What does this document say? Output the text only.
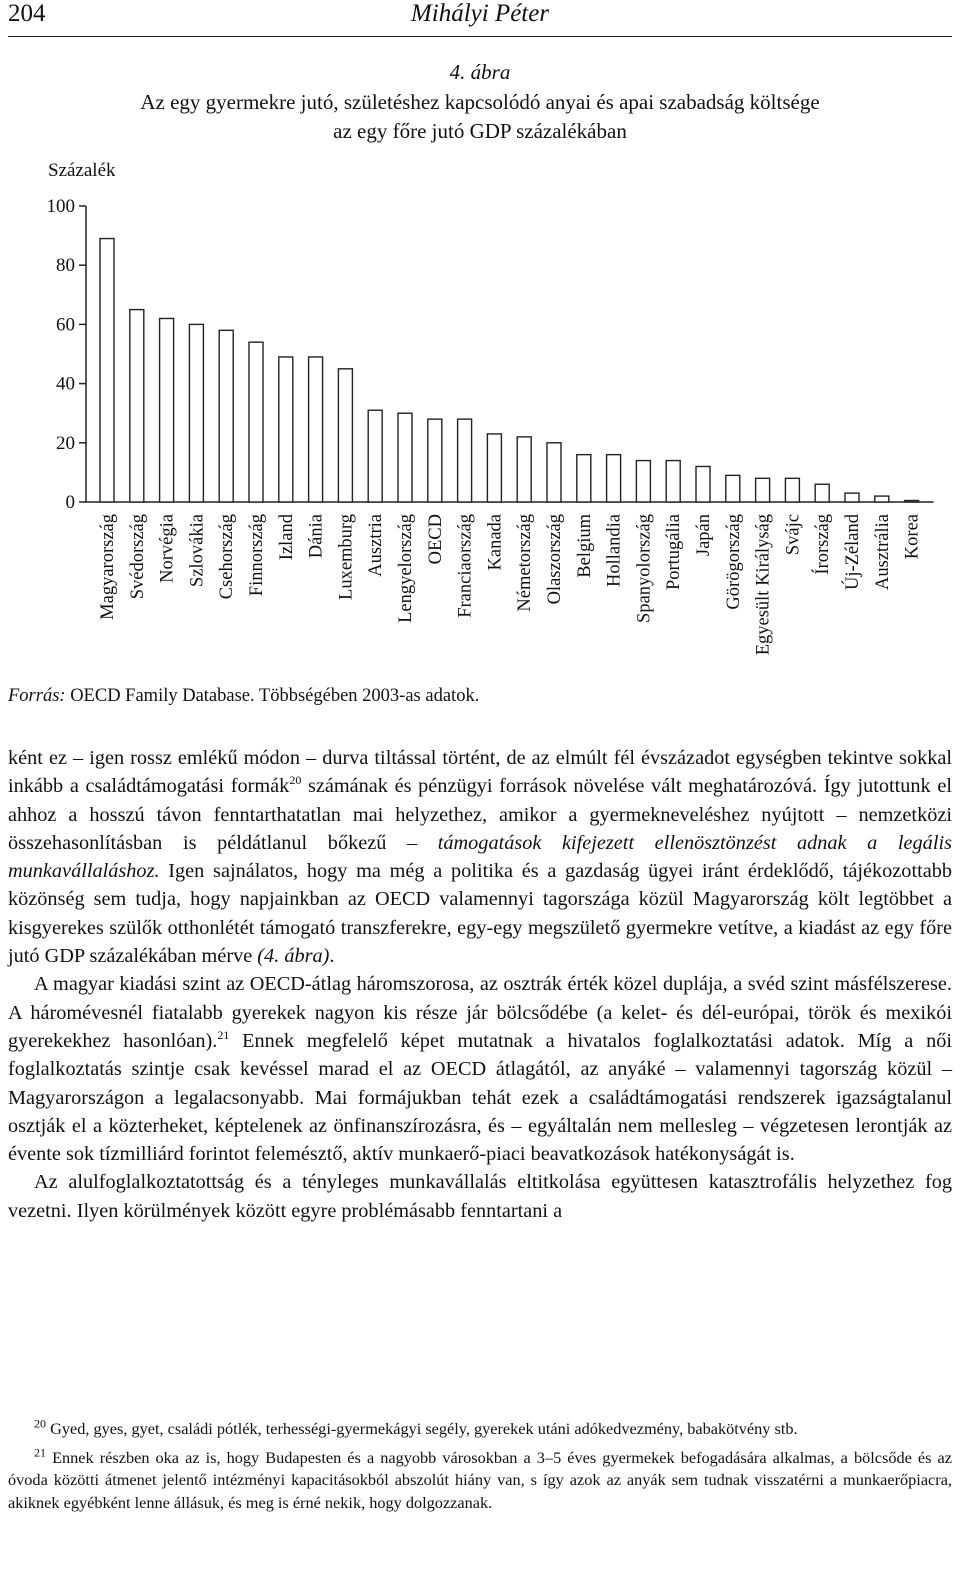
204	Mihályi Péter
4. ábra
Az egy gyermekre jutó, születéshez kapcsolódó anyai és apai szabadság költsége
az egy főre jutó GDP százalékában
Százalék
0
20
40
60
80
100
Magyarország Svédország Norvégia Szlovákia Csehország Finnország Izland Dánia Luxemburg Ausztria Lengyelország OECD Franciaország Kanada Németország Olaszország Belgium Hollandia Spanyolország Portugália Japán Görögország Egyesült Királyság Svájc Írország Új-Zéland Ausztrália Korea
Forrás: OECD Family Database. Többségében 2003-as adatok.

ként ez – igen rossz emlékű módon – durva tiltással történt, de az elmúlt fél évszázadot egységben tekintve sokkal inkább a családtámogatási formák$^{20}$ számának és pénzügyi források növelése vált meghatározóvá. Így jutottunk el ahhoz a hosszú távon fenntarthatatlan mai helyzethez, amikor a gyermekneveléshez nyújtott – nemzetközi összehasonlításban is példátlanul bőkezű – támogatások kifejezett ellenösztönzést adnak a legális munkavállaláshoz. Igen sajnálatos, hogy ma még a politika és a gazdaság ügyei iránt érdeklődő, tájékozottabb közönség sem tudja, hogy napjainkban az OECD valamennyi tagországa közül Magyarország költ legtöbbet a kisgyerekes szülők otthonlétét támogató transzferekre, egy-egy megszülető gyermekre vetítve, a kiadást az egy főre jutó GDP százalékában mérve (4. ábra).

A magyar kiadási szint az OECD-átlag háromszorosa, az osztrák érték közel duplája, a svéd szint másfélszerese. A háromévesnél fiatalabb gyerekek nagyon kis része jár bölcsődébe (a kelet- és dél-európai, török és mexikói gyerekekhez hasonlóan).$^{21}$ Ennek megfelelő képet mutatnak a hivatalos foglalkoztatási adatok. Míg a női foglalkoztatás szintje csak kevéssel marad el az OECD átlagától, az anyáké – valamennyi tagország közül – Magyarországon a legalacsonyabb. Mai formájukban tehát ezek a családtámogatási rendszerek igazságtalanul osztják el a közterheket, képtelenek az önfinanszírozásra, és – egyáltalán nem mellesleg – végzetesen lerontják az évente sok tízmilliárd forintot felemésztő, aktív munkaerő-piaci beavatkozások hatékonyságát is.

Az alulfoglalkoztatottság és a tényleges munkavállalás eltitkolása együttesen katasztrofális helyzethez fog vezetni. Ilyen körülmények között egyre problémásabb fenntartani a

$^{20}$ Gyed, gyes, gyet, családi pótlék, terhességi-gyermekágyi segély, gyerekek utáni adókedvezmény, babakötvény stb.

$^{21}$ Ennek részben oka az is, hogy Budapesten és a nagyobb városokban a 3–5 éves gyermekek befogadására alkalmas, a bölcsőde és az óvoda közötti átmenet jelentő intézményi kapacitásokból abszolút hiány van, s így azok az anyák sem tudnak visszatérni a munkaerőpiacra, akiknek egyébként lenne állásuk, és meg is érné nekik, hogy dolgozzanak.
